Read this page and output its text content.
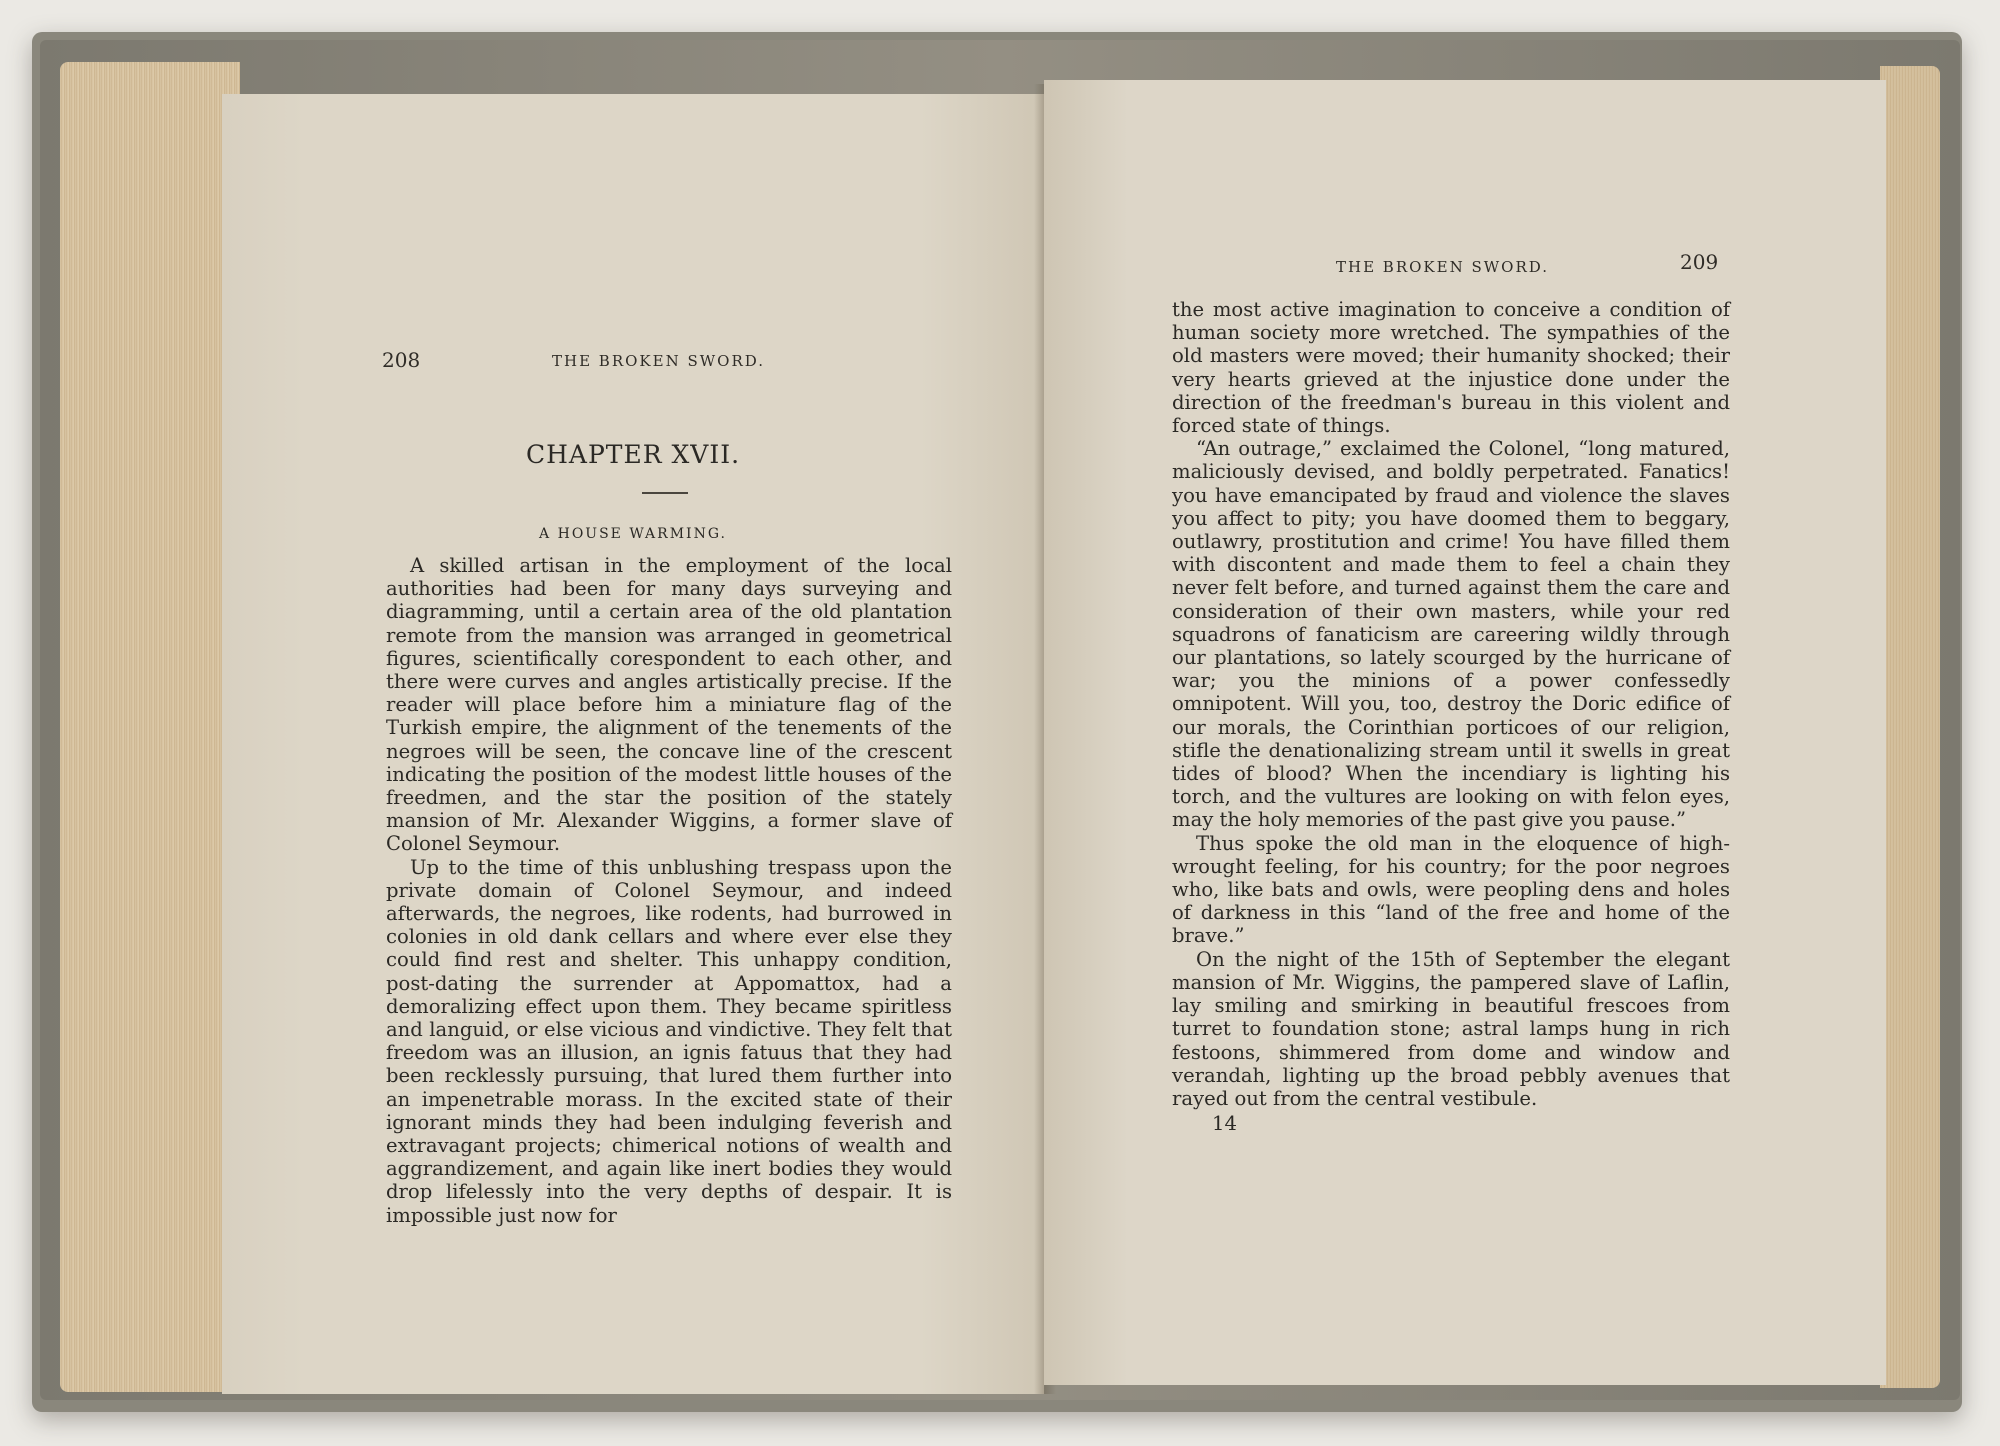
208	THE BROKEN SWORD.
CHAPTER XVII.
A HOUSE WARMING.

A skilled artisan in the employment of the local authorities had been for many days surveying and diagramming, until a certain area of the old plantation remote from the mansion was arranged in geometrical figures, scientifically corespondent to each other, and there were curves and angles artistically precise. If the reader will place before him a miniature flag of the Turkish empire, the alignment of the tenements of the negroes will be seen, the concave line of the crescent indicating the position of the modest little houses of the freedmen, and the star the position of the stately mansion of Mr. Alexander Wiggins, a former slave of Colonel Seymour.

Up to the time of this unblushing trespass upon the private domain of Colonel Seymour, and indeed afterwards, the negroes, like rodents, had burrowed in colonies in old dank cellars and where ever else they could find rest and shelter. This unhappy condition, post-dating the surrender at Appomattox, had a demoralizing effect upon them. They became spiritless and languid, or else vicious and vindictive. They felt that freedom was an illusion, an ignis fatuus that they had been recklessly pursuing, that lured them further into an impenetrable morass. In the excited state of their ignorant minds they had been indulging feverish and extravagant projects; chimerical notions of wealth and aggrandizement, and again like inert bodies they would drop lifelessly into the very depths of despair. It is impossible just now for

THE BROKEN SWORD.	209

the most active imagination to conceive a condition of human society more wretched. The sympathies of the old masters were moved; their humanity shocked; their very hearts grieved at the injustice done under the direction of the freedman's bureau in this violent and forced state of things.

“An outrage,” exclaimed the Colonel, “long matured, maliciously devised, and boldly perpetrated. Fanatics! you have emancipated by fraud and violence the slaves you affect to pity; you have doomed them to beggary, outlawry, prostitution and crime! You have filled them with discontent and made them to feel a chain they never felt before, and turned against them the care and consideration of their own masters, while your red squadrons of fanaticism are careering wildly through our plantations, so lately scourged by the hurricane of war; you the minions of a power confessedly omnipotent. Will you, too, destroy the Doric edifice of our morals, the Corinthian porticoes of our religion, stifle the denationalizing stream until it swells in great tides of blood? When the incendiary is lighting his torch, and the vultures are looking on with felon eyes, may the holy memories of the past give you pause.”

Thus spoke the old man in the eloquence of high-wrought feeling, for his country; for the poor negroes who, like bats and owls, were peopling dens and holes of darkness in this “land of the free and home of the brave.”

On the night of the 15th of September the elegant mansion of Mr. Wiggins, the pampered slave of Laflin, lay smiling and smirking in beautiful frescoes from turret to foundation stone; astral lamps hung in rich festoons, shimmered from dome and window and verandah, lighting up the broad pebbly avenues that rayed out from the central vestibule.

14
